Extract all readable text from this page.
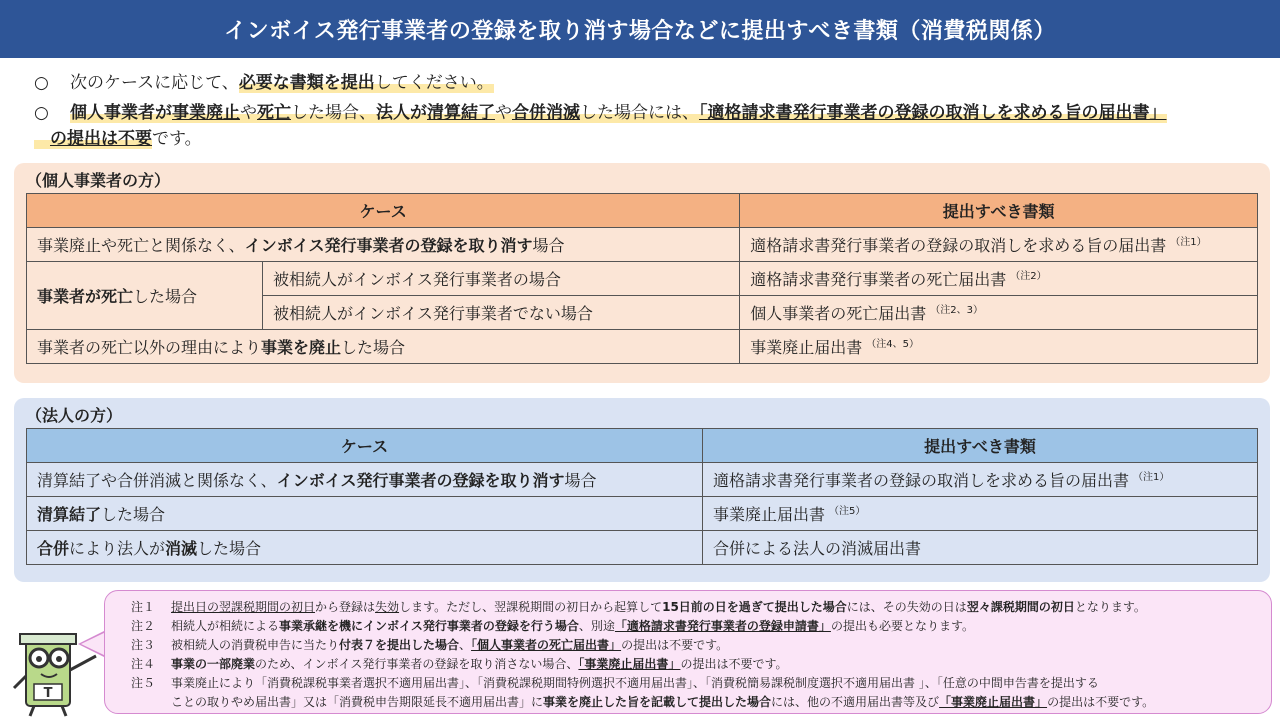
インボイス発行事業者の登録を取り消す場合などに提出すべき書類（消費税関係）
○ 次のケースに応じて、必要な書類を提出してください。
○ 個人事業者が事業廃止や死亡した場合、法人が清算結了や合併消滅した場合には、「適格請求書発行事業者の登録の取消しを求める旨の届出書」
の提出は不要です。
（個人事業者の方）
ケース		提出すべき書類
事業廃止や死亡と関係なく、インボイス発行事業者の登録を取り消す場合		適格請求書発行事業者の登録の取消しを求める旨の届出書 $^{(注1)}$
事業者が死亡した場合	被相続人がインボイス発行事業者の場合	適格請求書発行事業者の死亡届出書 $^{(注2)}$
	被相続人がインボイス発行事業者でない場合	個人事業者の死亡届出書 $^{(注2、3)}$
事業者の死亡以外の理由により事業を廃止した場合		事業廃止届出書 $^{(注4、5)}$
（法人の方）
ケース	提出すべき書類
清算結了や合併消滅と関係なく、インボイス発行事業者の登録を取り消す場合	適格請求書発行事業者の登録の取消しを求める旨の届出書 $^{(注1)}$
清算結了した場合	事業廃止届出書 $^{(注5)}$
合併により法人が消滅した場合	合併による法人の消滅届出書
T
注１	提出日の翌課税期間の初日から登録は失効します。ただし、翌課税期間の初日から起算して15日前の日を過ぎて提出した場合には、その失効の日は翌々課税期間の初日となります。
注２	相続人が相続による事業承継を機にインボイス発行事業者の登録を行う場合、別途「適格請求書発行事業者の登録申請書」の提出も必要となります。
注３	被相続人の消費税申告に当たり付表７を提出した場合、「個人事業者の死亡届出書」の提出は不要です。
注４	事業の一部廃業のため、インボイス発行事業者の登録を取り消さない場合、「事業廃止届出書」の提出は不要です。
注５	事業廃止により「消費税課税事業者選択不適用届出書」、「消費税課税期間特例選択不適用届出書」、「消費税簡易課税制度選択不適用届出書 」、「任意の中間申告書を提出する
ことの取りやめ届出書」又は「消費税申告期限延長不適用届出書」に事業を廃止した旨を記載して提出した場合には、他の不適用届出書等及び「事業廃止届出書」の提出は不要です。
